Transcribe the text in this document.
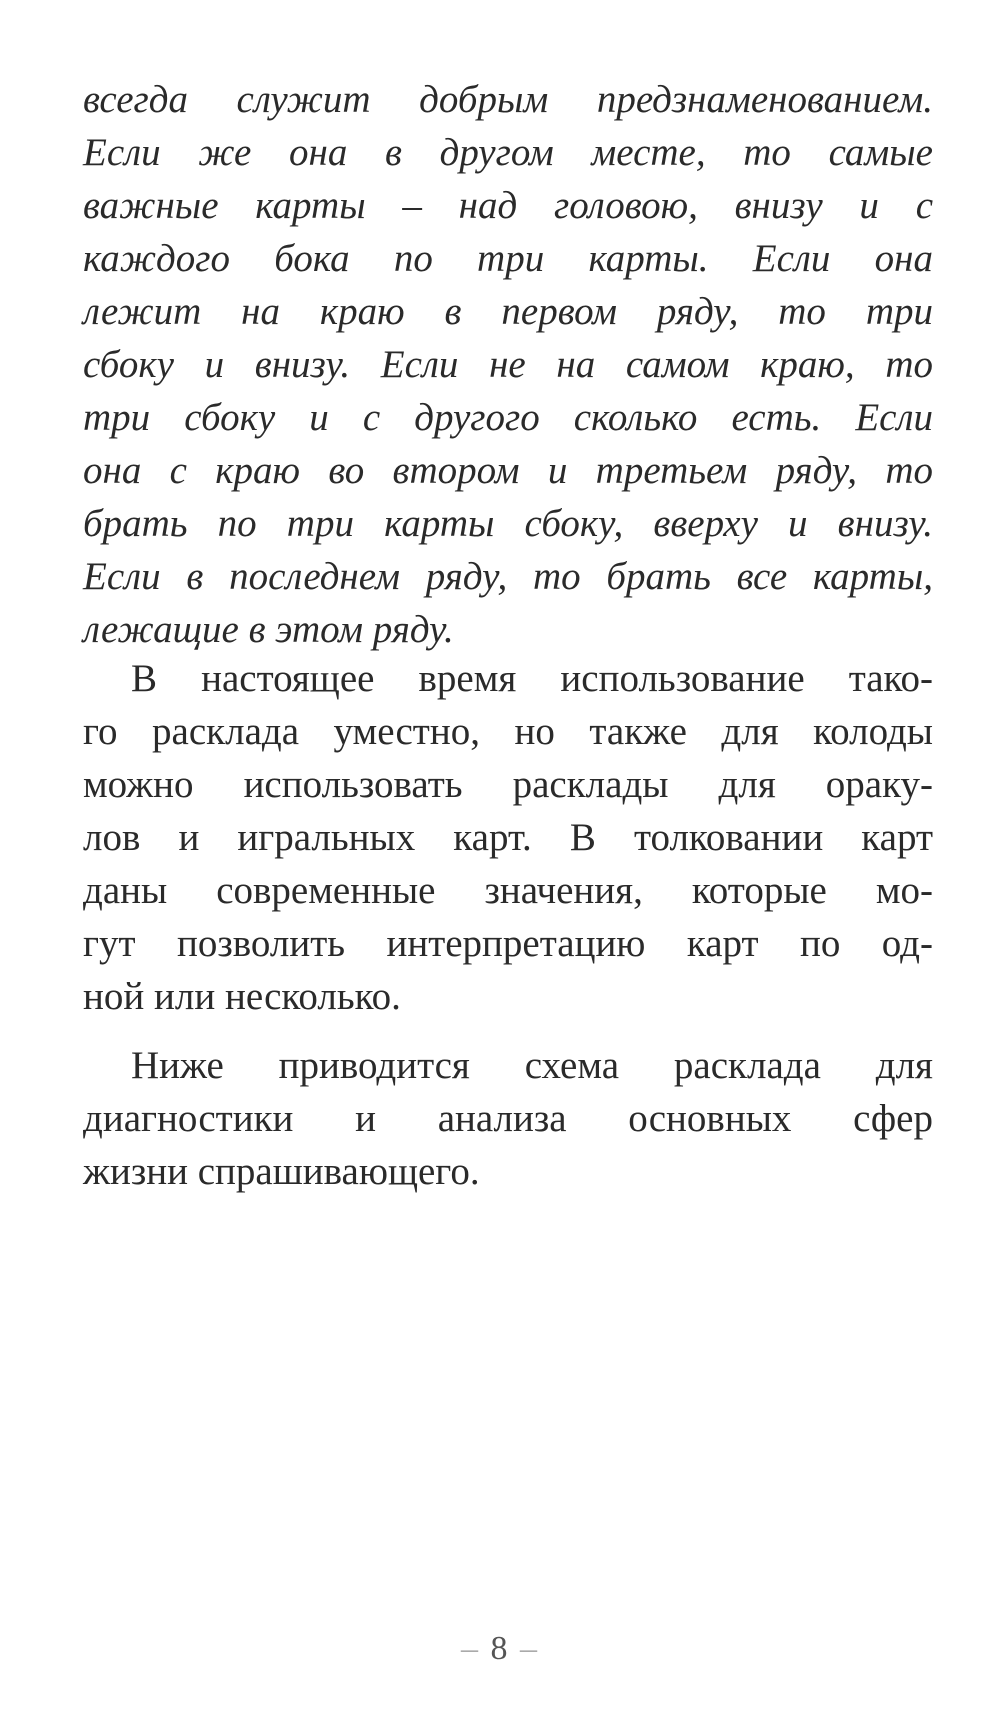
всегда служит добрым предзнаменованием.
Если же она в другом месте, то самые
важные карты – над головою, внизу и с
каждого бока по три карты. Если она
лежит на краю в первом ряду, то три
сбоку и внизу. Если не на самом краю, то
три сбоку и с другого сколько есть. Если
она с краю во втором и третьем ряду, то
брать по три карты сбоку, вверху и внизу.
Если в последнем ряду, то брать все карты,
лежащие в этом ряду.
В настоящее время использование тако-
го расклада уместно, но также для колоды
можно использовать расклады для ораку-
лов и игральных карт. В толковании карт
даны современные значения, которые мо-
гут позволить интерпретацию карт по од-
ной или несколько.
Ниже приводится схема расклада для
диагностики и анализа основных сфер
жизни спрашивающего.
– 8 –
